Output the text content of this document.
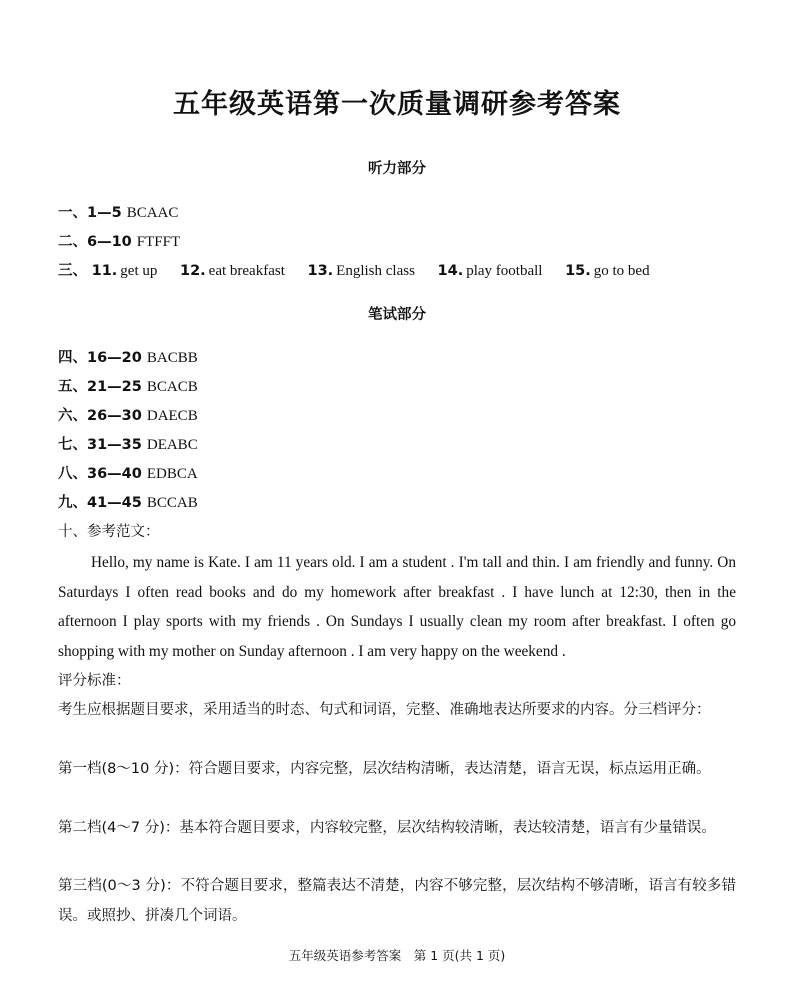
五年级英语第一次质量调研参考答案
听力部分
一、1—5 BCAAC
二、6—10 FTFFT
三、 11. get up 12. eat breakfast 13. English class 14. play football 15. go to bed
笔试部分
四、16—20 BACBB
五、21—25 BCACB
六、26—30 DAECB
七、31—35 DEABC
八、36—40 EDBCA
九、41—45 BCCAB
十、参考范文：

Hello, my name is Kate. I am 11 years old. I am a student . I'm tall and thin. I am friendly and funny. On Saturdays I often read books and do my homework after breakfast . I have lunch at 12:30, then in the afternoon I play sports with my friends . On Sundays I usually clean my room after breakfast. I often go shopping with my mother on Sunday afternoon . I am very happy on the weekend .

评分标准：

考生应根据题目要求，采用适当的时态、句式和词语，完整、准确地表达所要求的内容。分三档评分：

第一档(8～10 分)：符合题目要求，内容完整，层次结构清晰，表达清楚，语言无误，标点运用正确。

第二档(4～7 分)：基本符合题目要求，内容较完整，层次结构较清晰，表达较清楚，语言有少量错误。

第三档(0～3 分)：不符合题目要求，整篇表达不清楚，内容不够完整，层次结构不够清晰，语言有较多错误。或照抄、拼凑几个词语。

五年级英语参考答案　第 1 页(共 1 页)
